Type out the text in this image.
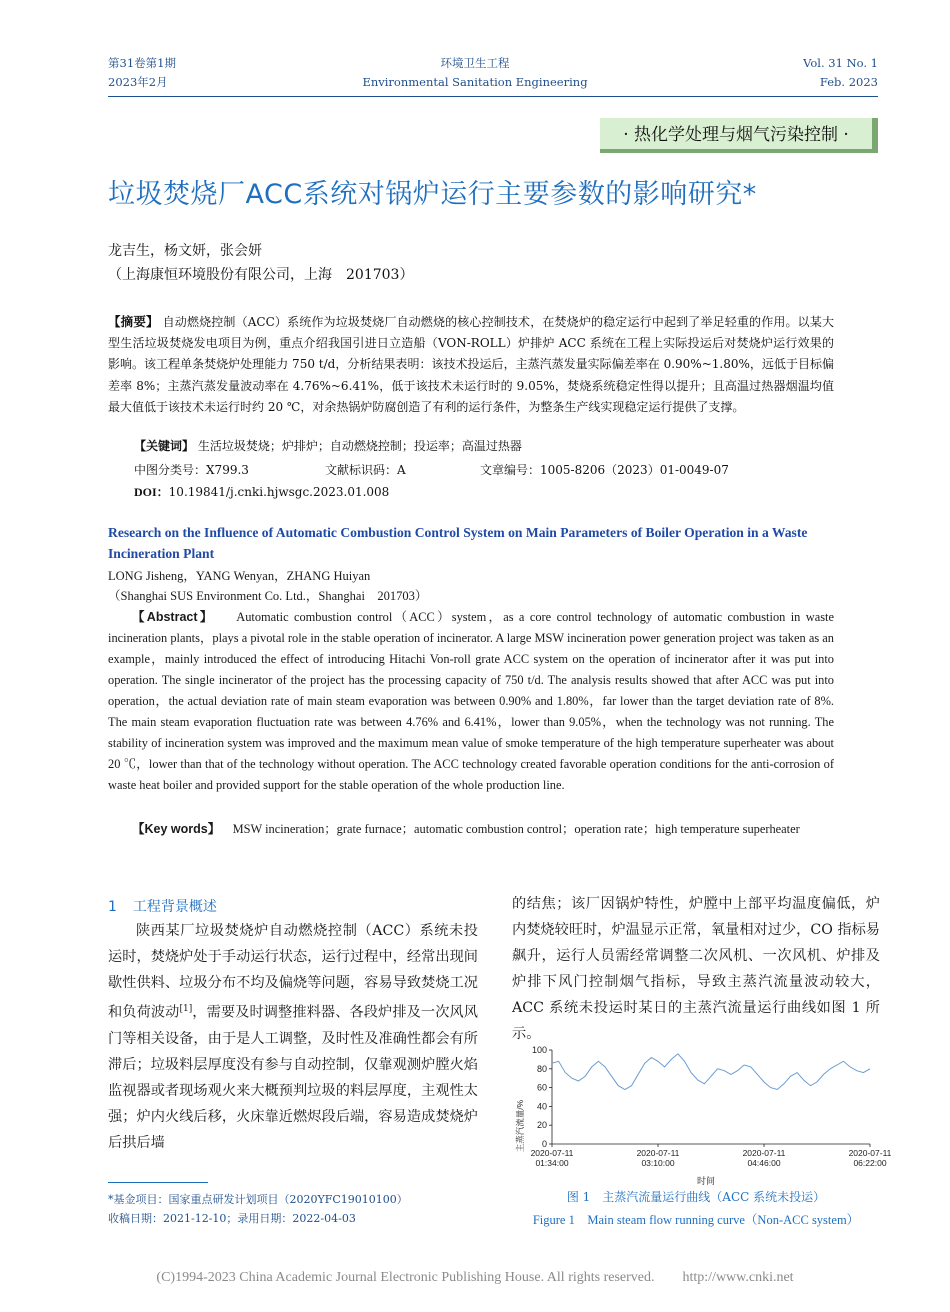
第31卷第1期
2023年2月
环境卫生工程
Environmental Sanitation Engineering
Vol. 31 No. 1
Feb. 2023
· 热化学处理与烟气污染控制 ·
垃圾焚烧厂ACC系统对锅炉运行主要参数的影响研究*
龙吉生，杨文妍，张会妍
（上海康恒环境股份有限公司，上海　201703）
【摘要】 自动燃烧控制（ACC）系统作为垃圾焚烧厂自动燃烧的核心控制技术，在焚烧炉的稳定运行中起到了举足轻重的作用。以某大型生活垃圾焚烧发电项目为例，重点介绍我国引进日立造船（VON-ROLL）炉排炉 ACC 系统在工程上实际投运后对焚烧炉运行效果的影响。该工程单条焚烧炉处理能力 750 t/d，分析结果表明：该技术投运后，主蒸汽蒸发量实际偏差率在 0.90%~1.80%，远低于目标偏差率 8%；主蒸汽蒸发量波动率在 4.76%~6.41%，低于该技术未运行时的 9.05%，焚烧系统稳定性得以提升；且高温过热器烟温均值最大值低于该技术未运行时约 20 ℃，对余热锅炉防腐创造了有利的运行条件，为整条生产线实现稳定运行提供了支撑。
【关键词】 生活垃圾焚烧；炉排炉；自动燃烧控制；投运率；高温过热器
中图分类号：X799.3	文献标识码：A	文章编号：1005-8206（2023）01-0049-07
DOI：10.19841/j.cnki.hjwsgc.2023.01.008
Research on the Influence of Automatic Combustion Control System on Main Parameters of Boiler Operation in a Waste Incineration Plant
LONG Jisheng，YANG Wenyan，ZHANG Huiyan
（Shanghai SUS Environment Co. Ltd.，Shanghai　201703）
【Abstract】 Automatic combustion control（ACC）system，as a core control technology of automatic combustion in waste incineration plants，plays a pivotal role in the stable operation of incinerator. A large MSW incineration power generation project was taken as an example，mainly introduced the effect of introducing Hitachi Von-roll grate ACC system on the operation of incinerator after it was put into operation. The single incinerator of the project has the processing capacity of 750 t/d. The analysis results showed that after ACC was put into operation，the actual deviation rate of main steam evaporation was between 0.90% and 1.80%，far lower than the target deviation rate of 8%. The main steam evaporation fluctuation rate was between 4.76% and 6.41%，lower than 9.05%，when the technology was not running. The stability of incineration system was improved and the maximum mean value of smoke temperature of the high temperature superheater was about 20 ℃，lower than that of the technology without operation. The ACC technology created favorable operation conditions for the anti-corrosion of waste heat boiler and provided support for the stable operation of the whole production line.
【Key words】 MSW incineration；grate furnace；automatic combustion control；operation rate；high temperature superheater
1 工程背景概述
陕西某厂垃圾焚烧炉自动燃烧控制（ACC）系统未投运时，焚烧炉处于手动运行状态，运行过程中，经常出现间歇性供料、垃圾分布不均及偏烧等问题，容易导致焚烧工况和负荷波动[1]，需要及时调整推料器、各段炉排及一次风风门等相关设备，由于是人工调整，及时性及准确性都会有所滞后；垃圾料层厚度没有参与自动控制，仅靠观测炉膛火焰监视器或者现场观火来大概预判垃圾的料层厚度，主观性太强；炉内火线后移，火床靠近燃烬段后端，容易造成焚烧炉后拱后墙
的结焦；该厂因锅炉特性，炉膛中上部平均温度偏低，炉内焚烧较旺时，炉温显示正常，氧量相对过少，CO 指标易飙升，运行人员需经常调整二次风机、一次风机、炉排及炉排下风门控制烟气指标，导致主蒸汽流量波动较大，ACC 系统未投运时某日的主蒸汽流量运行曲线如图 1 所示。
*基金项目：国家重点研发计划项目（2020YFC19010100）
收稿日期：2021-12-10；录用日期：2022-04-03
0
20
40
60
80
100
2020-07-11
01:34:00
2020-07-11
03:10:00
2020-07-11
04:46:00
2020-07-11
06:22:00
主蒸汽流量/%
时间
图 1　主蒸汽流量运行曲线（ACC 系统未投运）
Figure 1　Main steam flow running curve（Non-ACC system）
(C)1994-2023 China Academic Journal Electronic Publishing House. All rights reserved.　　http://www.cnki.net
